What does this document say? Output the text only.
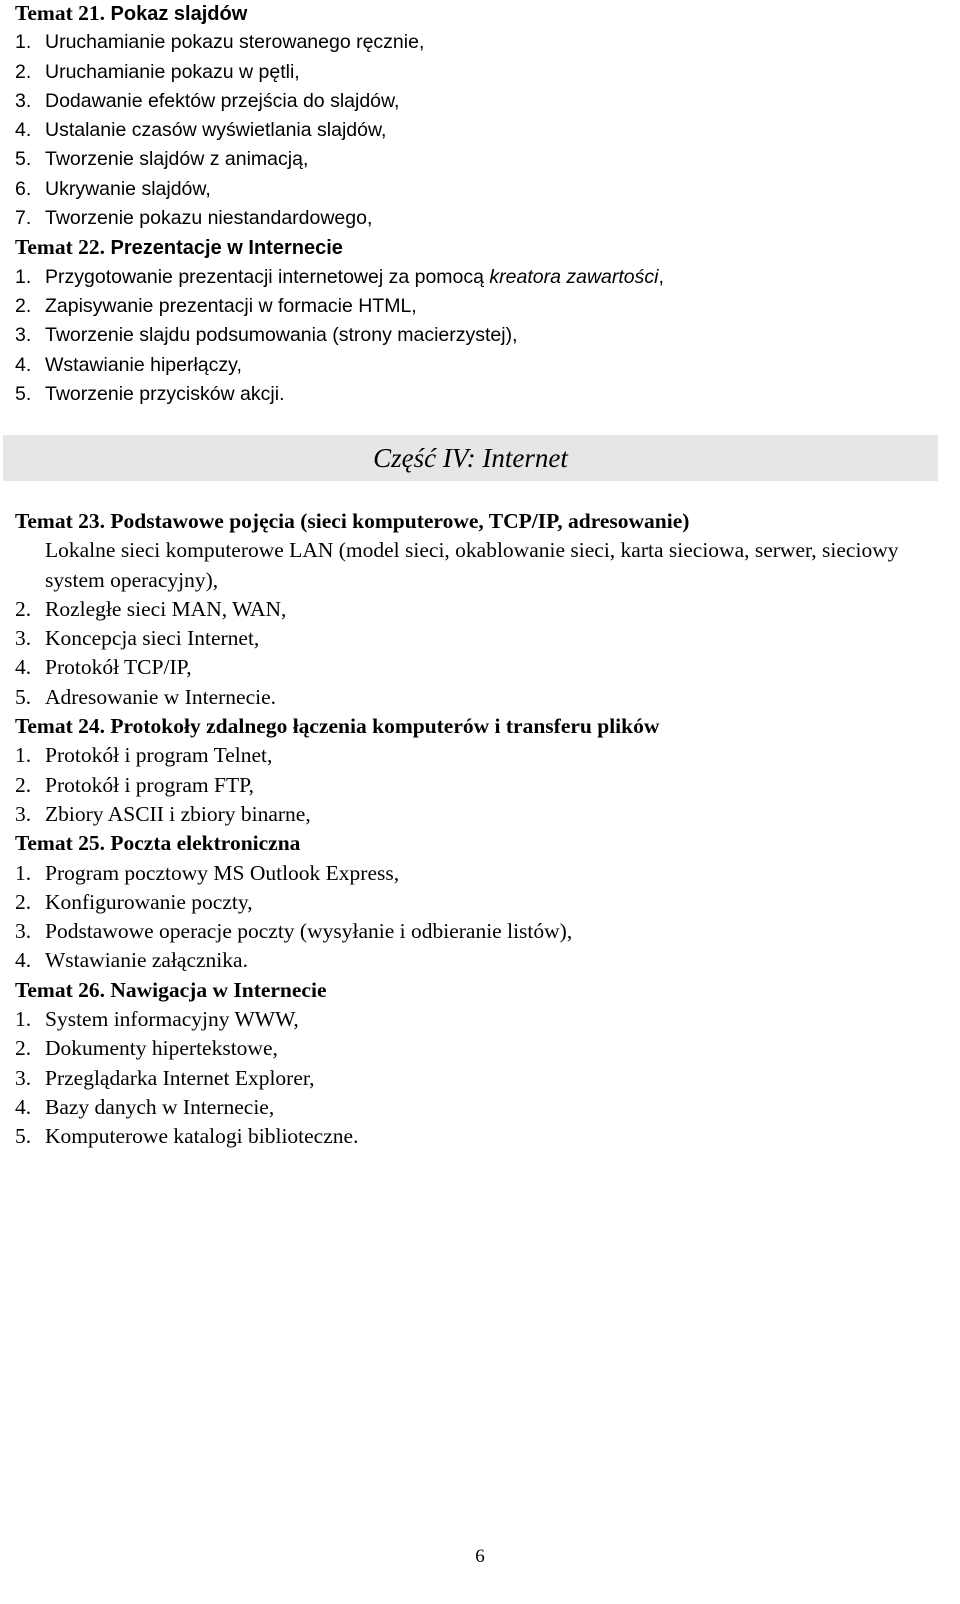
Temat 21. Pokaz slajdów
1. Uruchamianie pokazu sterowanego ręcznie,
2. Uruchamianie pokazu w pętli,
3. Dodawanie efektów przejścia do slajdów,
4. Ustalanie czasów wyświetlania slajdów,
5. Tworzenie slajdów z animacją,
6. Ukrywanie slajdów,
7. Tworzenie pokazu niestandardowego,
Temat 22. Prezentacje w Internecie
1. Przygotowanie prezentacji internetowej za pomocą kreatora zawartości,
2. Zapisywanie prezentacji w formacie HTML,
3. Tworzenie slajdu podsumowania (strony macierzystej),
4. Wstawianie hiperłączy,
5. Tworzenie przycisków akcji.
Część IV: Internet
Temat 23. Podstawowe pojęcia (sieci komputerowe, TCP/IP, adresowanie)
Lokalne sieci komputerowe LAN (model sieci, okablowanie sieci, karta sieciowa, serwer, sieciowy system operacyjny),
2. Rozległe sieci MAN, WAN,
3. Koncepcja sieci Internet,
4. Protokół TCP/IP,
5. Adresowanie w Internecie.
Temat 24. Protokoły zdalnego łączenia komputerów i transferu plików
1. Protokół i program Telnet,
2. Protokół i program FTP,
3. Zbiory ASCII i zbiory binarne,
Temat 25. Poczta elektroniczna
1. Program pocztowy MS Outlook Express,
2. Konfigurowanie poczty,
3. Podstawowe operacje poczty (wysyłanie i odbieranie listów),
4. Wstawianie załącznika.
Temat 26. Nawigacja w Internecie
1. System informacyjny WWW,
2. Dokumenty hipertekstowe,
3. Przeglądarka Internet Explorer,
4. Bazy danych w Internecie,
5. Komputerowe katalogi biblioteczne.
6
